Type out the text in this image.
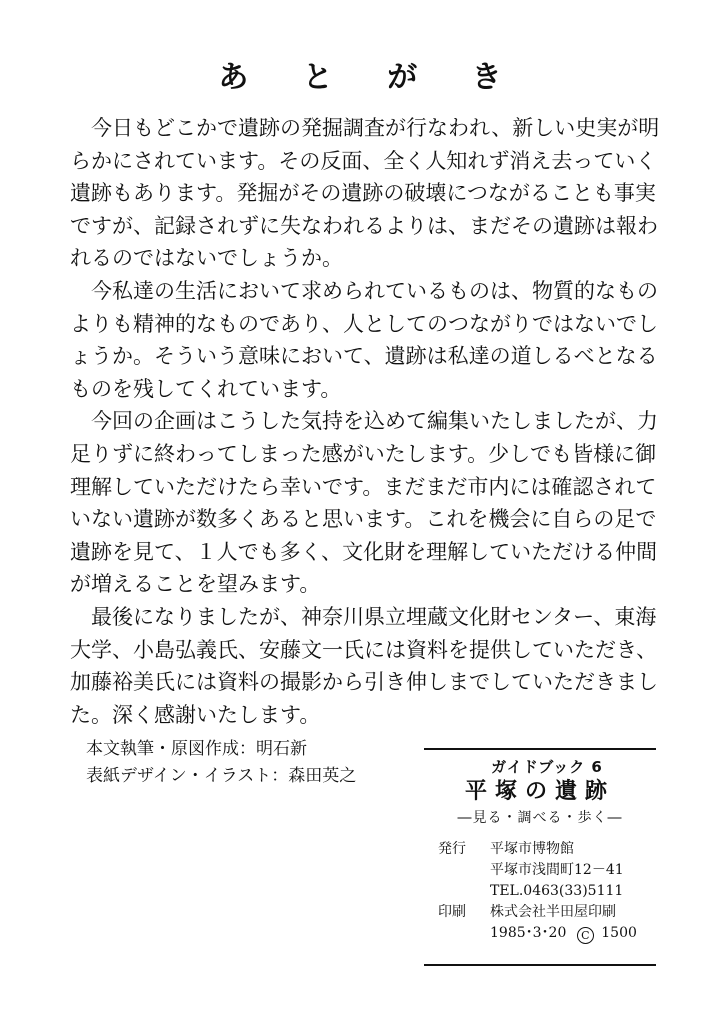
あ と が き

今日もどこかで遺跡の発掘調査が行なわれ、新しい史実が明らかにされています。その反面、全く人知れず消え去っていく遺跡もあります。発掘がその遺跡の破壊につながることも事実ですが、記録されずに失なわれるよりは、まだその遺跡は報われるのではないでしょうか。

今私達の生活において求められているものは、物質的なものよりも精神的なものであり、人としてのつながりではないでしょうか。そういう意味において、遺跡は私達の道しるべとなるものを残してくれています。

今回の企画はこうした気持を込めて編集いたしましたが、力足りずに終わってしまった感がいたします。少しでも皆様に御理解していただけたら幸いです。まだまだ市内には確認されていない遺跡が数多くあると思います。これを機会に自らの足で遺跡を見て、１人でも多く、文化財を理解していただける仲間が増えることを望みます。

最後になりましたが、神奈川県立埋蔵文化財センター、東海大学、小島弘義氏、安藤文一氏には資料を提供していただき、加藤裕美氏には資料の撮影から引き伸しまでしていただきました。深く感謝いたします。

本文執筆・原図作成：明石新
表紙デザイン・イラスト：森田英之	ガイドブック 6
平塚の遺跡
―見る・調べる・歩く―
発行	平塚市博物館
平塚市浅間町12－41
TEL.0463(33)5111
印刷	株式会社半田屋印刷
1985･3･20 C 1500
